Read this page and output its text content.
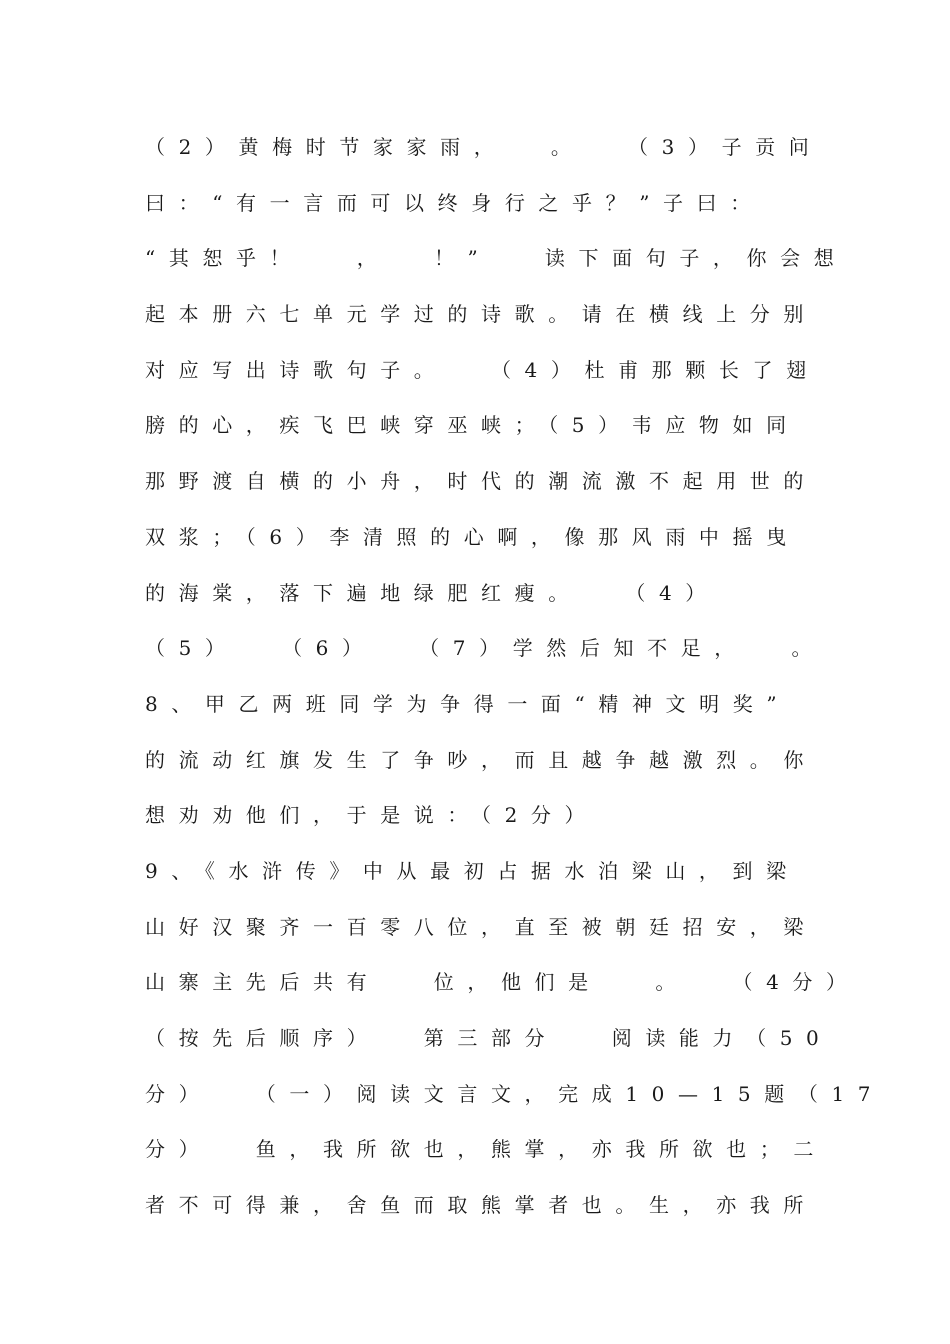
（2）黄梅时节家家雨，　 。　 （3）子贡问
曰：“有一言而可以终身行之乎？”子曰：
“其恕乎！　 ，　 ！”　 读下面句子，你会想
起本册六七单元学过的诗歌。请在横线上分别
对应写出诗歌句子。　 （4）杜甫那颗长了翅
膀的心，疾飞巴峡穿巫峡；（5）韦应物如同
那野渡自横的小舟，时代的潮流激不起用世的
双浆；（6）李清照的心啊，像那风雨中摇曳
的海棠，落下遍地绿肥红瘦。　 （4）
（5）　 （6）　 （7）学然后知不足，　 。
8、甲乙两班同学为争得一面“精神文明奖”
的流动红旗发生了争吵，而且越争越激烈。你
想劝劝他们，于是说：（2分）
9、《水浒传》中从最初占据水泊梁山，到梁
山好汉聚齐一百零八位，直至被朝廷招安，梁
山寨主先后共有　 位，他们是　 。　 （4分）
（按先后顺序）　 第三部分　 阅读能力（50
分）　 （一）阅读文言文，完成10—15题（17
分）　 鱼，我所欲也，熊掌，亦我所欲也；二
者不可得兼，舍鱼而取熊掌者也。生，亦我所
